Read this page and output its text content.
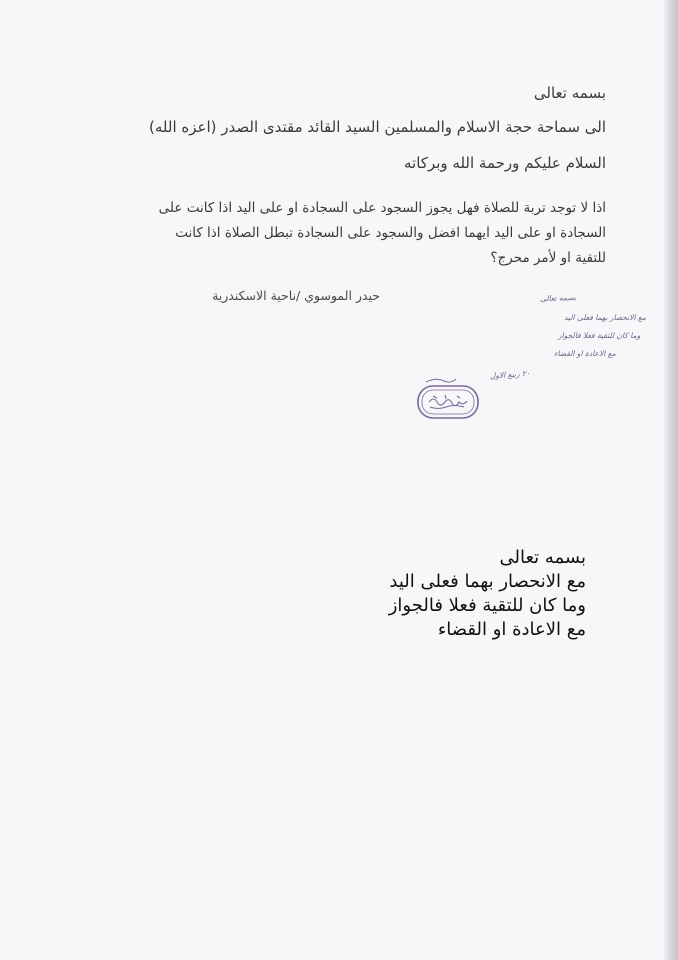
بسمه تعالى
الى سماحة حجة الاسلام والمسلمين السيد القائد مقتدى الصدر (اعزه الله)
السلام عليكم ورحمة الله وبركاته
اذا لا توجد تربة للصلاة فهل يجوز السجود على السجادة او على اليد اذا كانت على
السجادة او على اليد ايهما افضل والسجود على السجادة تبطل الصلاة اذا كانت
للتقية او لأمر محرج؟
حيدر الموسوي /ناحية الاسكندرية	بسمه تعالى
مع الانحصار بهما فعلى اليد
وما كان للتقية فعلا فالجواز
مع الاعادة او القضاء
٢٠ ربيع الاول
بسمه تعالى
مع الانحصار بهما فعلى اليد
وما كان للتقية فعلا فالجواز
مع الاعادة او القضاء
